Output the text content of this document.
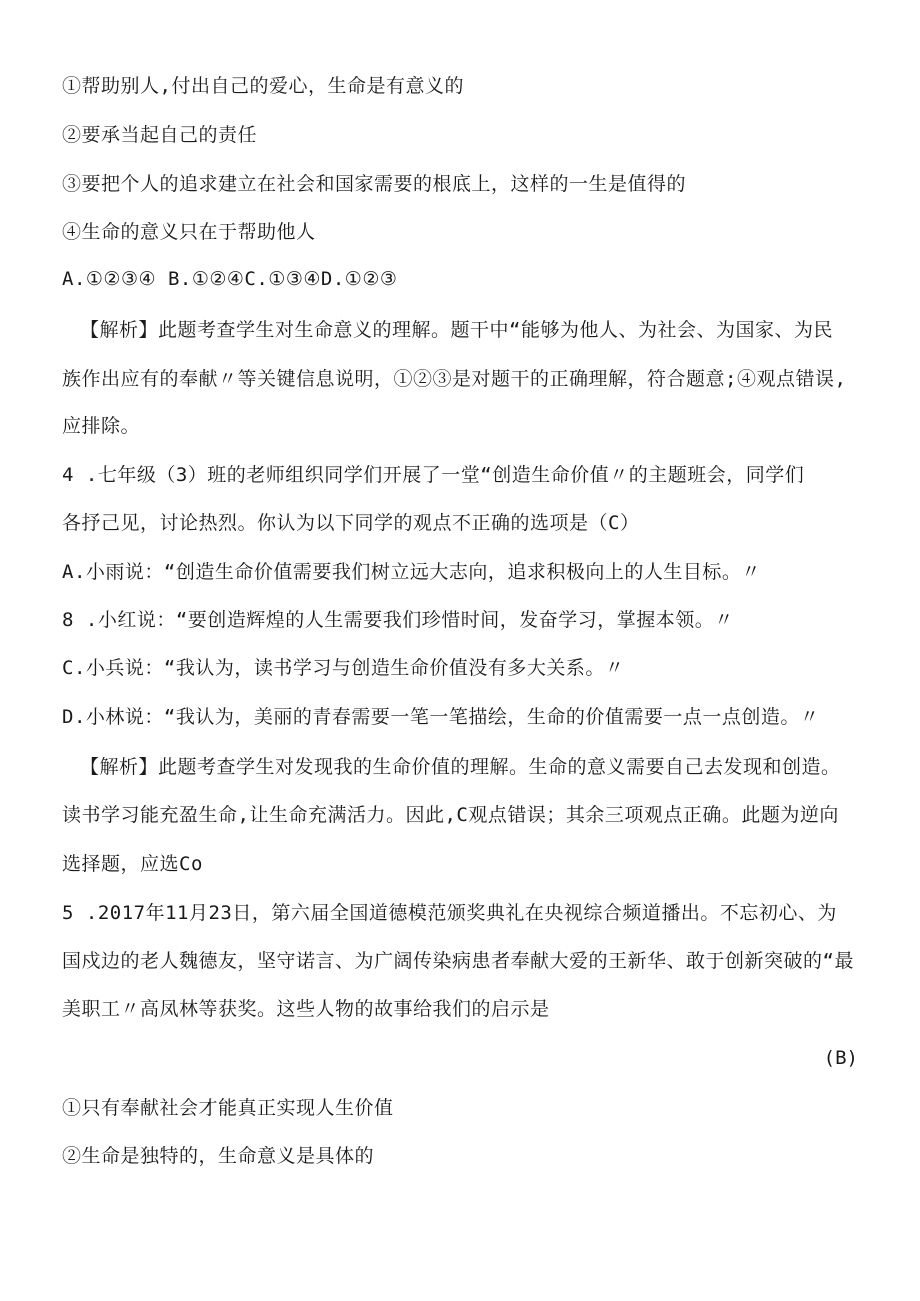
①帮助别人,付出自己的爱心，生命是有意义的
②要承当起自己的责任
③要把个人的追求建立在社会和国家需要的根底上，这样的一生是值得的
④生命的意义只在于帮助他人
A.①②③④ B.①②④C.①③④D.①②③
【解析】此题考查学生对生命意义的理解。题干中“能够为他人、为社会、为国家、为民
族作出应有的奉献〃等关键信息说明，①②③是对题干的正确理解，符合题意;④观点错误,
应排除。
4 .七年级（3）班的老师组织同学们开展了一堂“创造生命价值〃的主题班会，同学们
各抒己见，讨论热烈。你认为以下同学的观点不正确的选项是（C）
A.小雨说：“创造生命价值需要我们树立远大志向，追求积极向上的人生目标。〃
8 .小红说：“要创造辉煌的人生需要我们珍惜时间，发奋学习，掌握本领。〃
C.小兵说：“我认为，读书学习与创造生命价值没有多大关系。〃
D.小林说：“我认为，美丽的青春需要一笔一笔描绘，生命的价值需要一点一点创造。〃
【解析】此题考查学生对发现我的生命价值的理解。生命的意义需要自己去发现和创造。
读书学习能充盈生命,让生命充满活力。因此,C观点错误；其余三项观点正确。此题为逆向
选择题，应选Co
5 .2017年11月23日，第六届全国道德模范颁奖典礼在央视综合频道播出。不忘初心、为
国戍边的老人魏德友，坚守诺言、为广阔传染病患者奉献大爱的王新华、敢于创新突破的“最
美职工〃高凤林等获奖。这些人物的故事给我们的启示是
(B)
①只有奉献社会才能真正实现人生价值
②生命是独特的，生命意义是具体的
